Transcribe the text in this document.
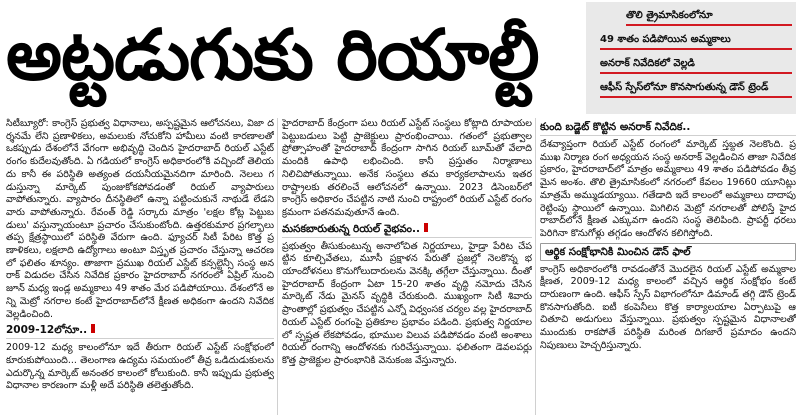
అట్టడుగుకు రియాల్టీ	తొలి త్రైమాసికంలోనూ
49 శాతం పడిపోయిన అమ్మకాలు
అనరాక్ నివేదికలో వెల్లడి
ఆఫీస్ స్పేస్‌లోనూ కొనసాగుతున్న డౌన్ ట్రెండ్

సిటీబ్యూరో: కాంగ్రెస్ ప్రభుత్వ విధానాలు, అస్పష్టమైన ఆలోచనలు, విజా దర్శనమే లేని ప్రణాళికలు, అమలుకు నోచుకోని హామీలు వంటి కారణాలతో ఒకప్పుడు దేశంలోనే వేగంగా అభివృద్ధి చెందిన హైదరాబాద్ రియల్ ఎస్టేట్ రంగం కుదేలవుతోంది. ఏ గడియలో కాంగ్రెస్ అధికారంలోకి వచ్చిందో తెలియదు కానీ ఈ పరిస్థితి అత్యంత దయనీయమైనదిగా మారింది. నెలలు గడుస్తున్నా మార్కెట్ పుంజుకోకపోవడంతో రియల్ వ్యాపారులు వాపోతున్నారు. వ్యాపారం దీనస్థితిలో ఉన్నా పట్టించుకునే నాథుడే లేడని వారు వాపోతున్నారు. రేవంత్ రెడ్డి సర్కారు మాత్రం 'లక్షల కోట్ల పెట్టుబడులు' వస్తున్నాయంటూ ప్రచారం చేసుకుంటోంది. ఉత్తరకుమార ప్రగల్భాలు తప్ప క్షేత్రస్థాయిలో పరిస్థితి వేరుగా ఉంది. ఫ్యూచర్ సిటీ పేరిట కొత్త ప్రణాళికలు, లక్షలాది ఉద్యోగాలు అంటూ విస్తృత ప్రచారం చేస్తున్నా ఆచరణలో ఫలితం శూన్యం. తాజాగా ప్రముఖ రియల్ ఎస్టేట్ కన్సల్టెన్సీ సంస్థ అనరాక్ విడుదల చేసిన నివేదిక ప్రకారం హైదరాబాద్ నగరంలో ఏప్రిల్ నుంచి జూన్ మధ్య ఇండ్ల అమ్మకాలు 49 శాతం మేర పడిపోయాయి. దేశంలోనే అన్ని మెట్రో నగరాల కంటే హైదరాబాద్‌లోనే క్షీణత అధికంగా ఉందని నివేదిక వెల్లడించింది.

2009-12లోనూ..

2009-12 మధ్య కాలంలోనూ ఇదే తీరుగా రియల్ ఎస్టేట్ సంక్షోభంలో కూరుకుపోయింది... తెలంగాణ ఉద్యమ సమయంలో తీవ్ర ఒడిదుడుకులను ఎదుర్కొన్న మార్కెట్ అనంతర కాలంలో కోలుకుంది. కానీ ఇప్పుడు ప్రభుత్వ విధానాల కారణంగా మళ్లీ అదే పరిస్థితి తలెత్తుతోంది.

హైదరాబాద్ కేంద్రంగా పలు రియల్ ఎస్టేట్ సంస్థలు కోట్లాది రూపాయల పెట్టుబడులు పెట్టి ప్రాజెక్టులు ప్రారంభించాయి. గతంలో ప్రభుత్వాల ప్రోత్సాహంతో హైదరాబాద్ కేంద్రంగా సాగిన రియల్ బూమ్‌తో వేలాది మందికి ఉపాధి లభించింది. కానీ ప్రస్తుతం నిర్మాణాలు నిలిచిపోతున్నాయి. అనేక సంస్థలు తమ కార్యకలాపాలను ఇతర రాష్ట్రాలకు తరలించే ఆలోచనలో ఉన్నాయి. 2023 డిసెంబర్‌లో కాంగ్రెస్ అధికారం చేపట్టిన నాటి నుంచి రాష్ట్రంలో రియల్ ఎస్టేట్ రంగం క్రమంగా పతనమవుతూనే ఉంది.

మసకబారుతున్న రియల్ వైభవం..

ప్రభుత్వం తీసుకుంటున్న అనాలోచిత నిర్ణయాలు, హైడ్రా పేరిట చేపట్టిన కూల్చివేతలు, మూసీ ప్రక్షాళన పేరుతో ప్రజల్లో నెలకొన్న భయాందోళనలు కొనుగోలుదారులను వెనక్కి తగ్గేలా చేస్తున్నాయి. దీంతో హైదరాబాద్ కేంద్రంగా ఏటా 15-20 శాతం వృద్ధి నమోదు చేసిన మార్కెట్ నేడు మైనస్ వృద్ధికి చేరుకుంది. ముఖ్యంగా సిటీ శివారు ప్రాంతాల్లో ప్రభుత్వం చేపట్టిన ఎన్నో విధ్వంసక చర్యల వల్ల హైదరాబాద్ రియల్ ఎస్టేట్ రంగంపై ప్రతికూల ప్రభావం పడింది. ప్రభుత్వ నిర్ణయాలలో స్పష్టత లేకపోవడం, భూముల విలువ పడిపోవడం వంటి అంశాలు రియల్ రంగాన్ని ఆందోళనకు గురిచేస్తున్నాయి. ఫలితంగా డెవలపర్లు కొత్త ప్రాజెక్టుల ప్రారంభానికి వెనుకంజ వేస్తున్నారు.

కుంది బడ్జెట్ కొట్టిన అనరాక్ నివేదిక..

దేశవ్యాప్తంగా రియల్ ఎస్టేట్ రంగంలో మార్కెట్ స్తబ్దత నెలకొంది. ప్రముఖ నిర్మాణ రంగ అధ్యయన సంస్థ అనరాక్ వెల్లడించిన తాజా నివేదిక ప్రకారం, హైదరాబాద్‌లో మాత్రం అమ్మకాలు 49 శాతం పడిపోవడం తీవ్రమైన అంశం. తొలి త్రైమాసికంలో నగరంలో కేవలం 19660 యూనిట్లు మాత్రమే అమ్ముడయ్యాయి. గతేడాది ఇదే కాలంలో అమ్మకాలు దాదాపు రెట్టింపు స్థాయిలో ఉన్నాయి. మిగిలిన మెట్రో నగరాలతో పోలిస్తే హైదరాబాద్‌లోనే క్షీణత ఎక్కువగా ఉందని సంస్థ తెలిపింది. ప్రాపర్టీ ధరలు పెరిగినా కొనుగోళ్లు తగ్గడం ఆందోళన కలిగిస్తోంది.

ఆర్థిక సంక్షోభానికి మించిన డౌన్ ఫాల్

కాంగ్రెస్ అధికారంలోకి రావడంతోనే మొదలైన రియల్ ఎస్టేట్ అమ్మకాల క్షీణత, 2009-12 మధ్య కాలంలో వచ్చిన ఆర్థిక సంక్షోభం కంటే దారుణంగా ఉంది. ఆఫీస్ స్పేస్ విభాగంలోనూ డిమాండ్ తగ్గి డౌన్ ట్రెండ్ కొనసాగుతోంది. ఐటీ కంపెనీలు కొత్త కార్యాలయాల ఏర్పాటుపై ఆచితూచి అడుగులు వేస్తున్నాయి. ప్రభుత్వం స్పష్టమైన విధానాలతో ముందుకు రాకపోతే పరిస్థితి మరింత దిగజారే ప్రమాదం ఉందని నిపుణులు హెచ్చరిస్తున్నారు.
